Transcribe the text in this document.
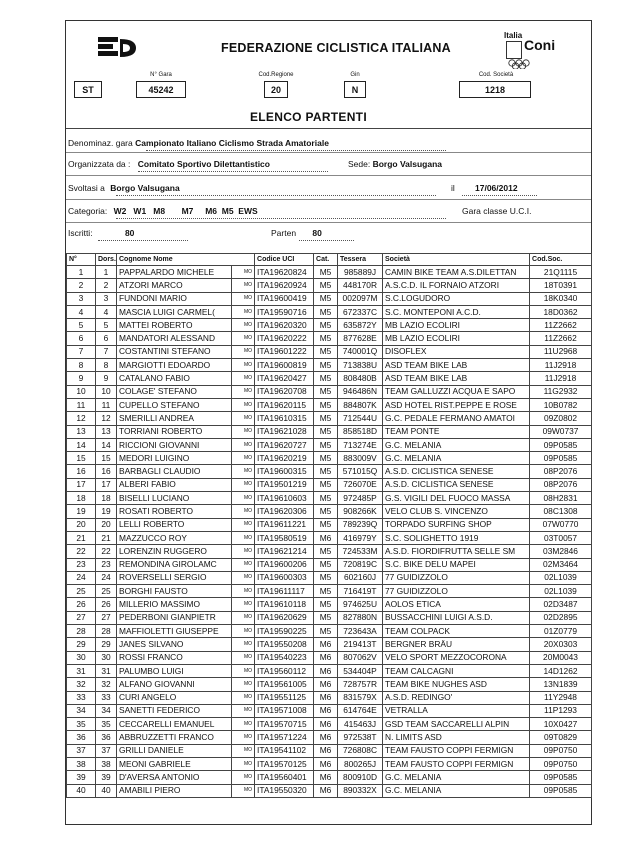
FEDERAZIONE CICLISTICA ITALIANA
Italia
Coni
ST
N° Gara
45242
Cod.Regione
20
Gin
N
Cod. Società
1218
ELENCO PARTENTI
Denominaz. gara Campionato Italiano Ciclismo Strada Amatoriale
Organizzata da : Comitato Sportivo Dilettantistico	Sede: Borgo Valsugana
Svoltasi a Borgo Valsugana	il 17/06/2012
Categoria: W2   W1   M8       M7     M6  M5  EWS	Gara classe U.C.I.
Iscritti:	80	Parten 80
N°	Dors.	Cognome Nome		Codice UCI	Cat.	Tessera	Società	Cod.Soc.
1	1	PAPPALARDO MICHELE	MO	ITA19620824	M5	985889J	CAMIN BIKE TEAM A.S.DILETTAN	21Q1115
2	2	ATZORI MARCO	MO	ITA19620924	M5	448170R	A.S.C.D. IL FORNAIO ATZORI	18T0391
3	3	FUNDONI MARIO	MO	ITA19600419	M5	002097M	S.C.LOGUDORO	18K0340
4	4	MASCIA LUIGI CARMEL(	MO	ITA19590716	M5	672337C	S.C. MONTEPONI A.C.D.	18D0362
5	5	MATTEI ROBERTO	MO	ITA19620320	M5	635872Y	MB LAZIO ECOLIRI	11Z2662
6	6	MANDATORI ALESSAND	MO	ITA19620222	M5	877628E	MB LAZIO ECOLIRI	11Z2662
7	7	COSTANTINI STEFANO	MO	ITA19601222	M5	740001Q	DISOFLEX	11U2968
8	8	MARGIOTTI EDOARDO	MO	ITA19600819	M5	713838U	ASD TEAM BIKE LAB	11J2918
9	9	CATALANO FABIO	MO	ITA19620427	M5	808480B	ASD TEAM BIKE LAB	11J2918
10	10	COLAGE' STEFANO	MO	ITA19620708	M5	946486N	TEAM GALLUZZI ACQUA E SAPO	11G2932
11	11	CUPELLO STEFANO	MO	ITA19620115	M5	884807K	ASD HOTEL RIST.PEPPE E ROSE	10B0782
12	12	SMERILLI ANDREA	MO	ITA19610315	M5	712544U	G.C. PEDALE FERMANO AMATOI	09Z0802
13	13	TORRIANI ROBERTO	MO	ITA19621028	M5	858518D	TEAM PONTE	09W0737
14	14	RICCIONI GIOVANNI	MO	ITA19620727	M5	713274E	G.C. MELANIA	09P0585
15	15	MEDORI LUIGINO	MO	ITA19620219	M5	883009V	G.C. MELANIA	09P0585
16	16	BARBAGLI CLAUDIO	MO	ITA19600315	M5	571015Q	A.S.D. CICLISTICA SENESE	08P2076
17	17	ALBERI FABIO	MO	ITA19501219	M5	726070E	A.S.D. CICLISTICA SENESE	08P2076
18	18	BISELLI LUCIANO	MO	ITA19610603	M5	972485P	G.S. VIGILI DEL FUOCO MASSA	08H2831
19	19	ROSATI ROBERTO	MO	ITA19620306	M5	908266K	VELO CLUB S. VINCENZO	08C1308
20	20	LELLI ROBERTO	MO	ITA19611221	M5	789239Q	TORPADO SURFING SHOP	07W0770
21	21	MAZZUCCO ROY	MO	ITA19580519	M6	416979Y	S.C. SOLIGHETTO 1919	03T0057
22	22	LORENZIN RUGGERO	MO	ITA19621214	M5	724533M	A.S.D. FIORDIFRUTTA SELLE SM	03M2846
23	23	REMONDINA GIROLAMC	MO	ITA19600206	M5	720819C	S.C. BIKE DELU MAPEI	02M3464
24	24	ROVERSELLI SERGIO	MO	ITA19600303	M5	602160J	77 GUIDIZZOLO	02L1039
25	25	BORGHI FAUSTO	MO	ITA19611117	M5	716419T	77 GUIDIZZOLO	02L1039
26	26	MILLERIO MASSIMO	MO	ITA19610118	M5	974625U	AOLOS ETICA	02D3487
27	27	PEDERBONI GIANPIETR	MO	ITA19620629	M5	827880N	BUSSACCHINI LUIGI A.S.D.	02D2895
28	28	MAFFIOLETTI GIUSEPPE	MO	ITA19590225	M5	723643A	TEAM COLPACK	01Z0779
29	29	JANES SILVANO	MO	ITA19550208	M6	219413T	BERGNER BRÄU	20X0303
30	30	ROSSI FRANCO	MO	ITA19540223	M6	807062V	VELO SPORT MEZZOCORONA	20M0043
31	31	PALUMBO LUIGI	MO	ITA19560112	M6	534404P	TEAM CALCAGNI	14D1262
32	32	ALFANO GIOVANNI	MO	ITA19561005	M6	728757R	TEAM BIKE NUGHES ASD	13N1839
33	33	CURI ANGELO	MO	ITA19551125	M6	831579X	A.S.D. REDINGO'	11Y2948
34	34	SANETTI FEDERICO	MO	ITA19571008	M6	614764E	VETRALLA	11P1293
35	35	CECCARELLI EMANUEL	MO	ITA19570715	M6	415463J	GSD TEAM SACCARELLI ALPIN	10X0427
36	36	ABBRUZZETTI FRANCO	MO	ITA19571224	M6	972538T	N. LIMITS ASD	09T0829
37	37	GRILLI DANIELE	MO	ITA19541102	M6	726808C	TEAM FAUSTO COPPI FERMIGN	09P0750
38	38	MEONI GABRIELE	MO	ITA19570125	M6	800265J	TEAM FAUSTO COPPI FERMIGN	09P0750
39	39	D'AVERSA ANTONIO	MO	ITA19560401	M6	800910D	G.C. MELANIA	09P0585
40	40	AMABILI PIERO	MO	ITA19550320	M6	890332X	G.C. MELANIA	09P0585
